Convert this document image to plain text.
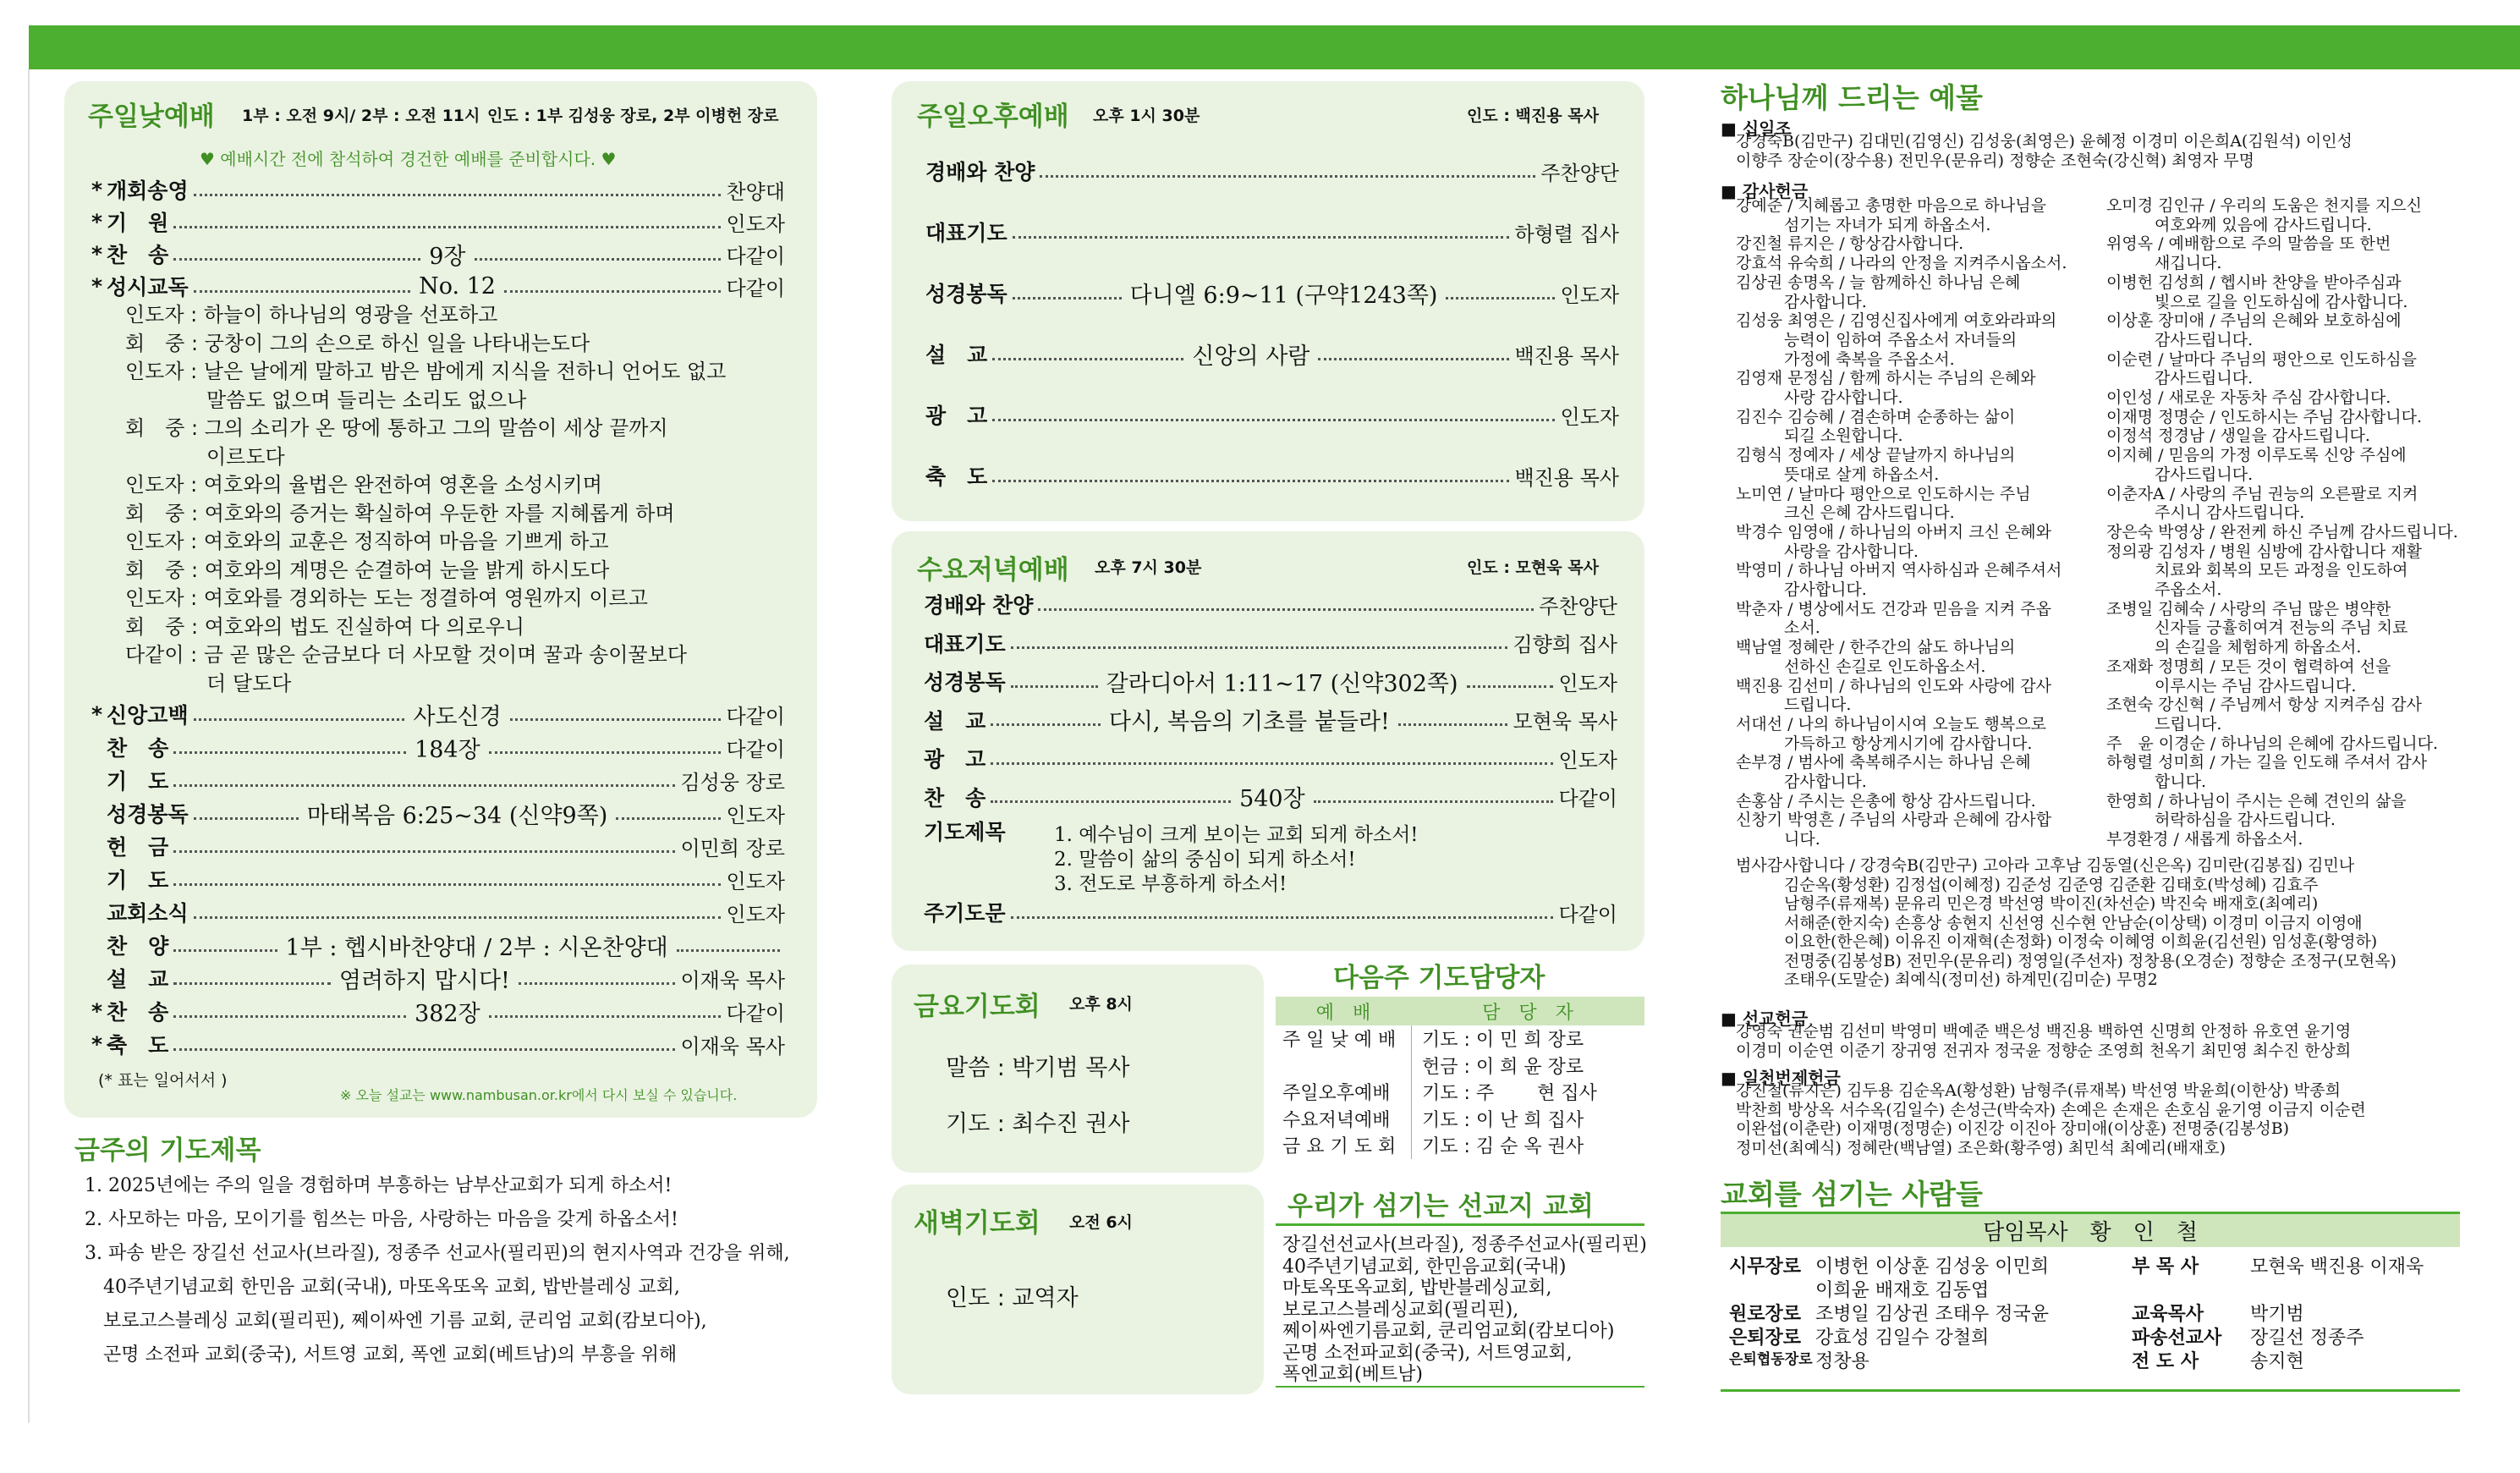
주일낮예배 1부 : 오전 9시/ 2부 : 오전 11시 인도 : 1부 김성웅 장로, 2부 이병헌 장로
♥ 예배시간 전에 참석하여 경건한 예배를 준비합시다. ♥
(* 표는 일어서서 )
※ 오늘 설교는 www.nambusan.or.kr에서 다시 보실 수 있습니다.
* 개회송영	찬양대
* 기　원	인도자
* 찬　송	9장	다같이
* 성시교독	No. 12	다같이
인도자 : 하늘이 하나님의 영광을 선포하고
회　중 : 궁창이 그의 손으로 하신 일을 나타내는도다
인도자 : 날은 날에게 말하고 밤은 밤에게 지식을 전하니 언어도 없고
　　　　말씀도 없으며 들리는 소리도 없으나
회　중 : 그의 소리가 온 땅에 통하고 그의 말씀이 세상 끝까지
　　　　이르도다
인도자 : 여호와의 율법은 완전하여 영혼을 소성시키며
회　중 : 여호와의 증거는 확실하여 우둔한 자를 지혜롭게 하며
인도자 : 여호와의 교훈은 정직하여 마음을 기쁘게 하고
회　중 : 여호와의 계명은 순결하여 눈을 밝게 하시도다
인도자 : 여호와를 경외하는 도는 정결하여 영원까지 이르고
회　중 : 여호와의 법도 진실하여 다 의로우니
다같이 : 금 곧 많은 순금보다 더 사모할 것이며 꿀과 송이꿀보다
　　　　더 달도다
* 신앙고백	사도신경	다같이
찬　송	184장	다같이
기　도	김성웅 장로
성경봉독	마태복음 6:25~34 (신약9쪽)	인도자
헌　금	이민희 장로
기　도	인도자
교회소식	인도자
찬　양	1부 : 헵시바찬양대 / 2부 : 시온찬양대
설　교	염려하지 맙시다!	이재욱 목사
* 찬　송	382장	다같이
* 축　도	이재욱 목사
금주의 기도제목
주일오후예배 오후 1시 30분	인도 : 백진용 목사
경배와 찬양	주찬양단
대표기도	하형렬 집사
성경봉독	다니엘 6:9~11 (구약1243쪽)	인도자
설　교	신앙의 사람	백진용 목사
광　고	인도자
축　도	백진용 목사
수요저녁예배 오후 7시 30분	인도 : 모현욱 목사
기도제목
주기도문	다같이
경배와 찬양	주찬양단
대표기도	김향희 집사
성경봉독	갈라디아서 1:11~17 (신약302쪽)	인도자
설　교	다시, 복음의 기초를 붙들라!	모현욱 목사
광　고	인도자
찬　송	540장	다같이
1. 예수님이 크게 보이는 교회 되게 하소서!
2. 말씀이 삶의 중심이 되게 하소서!
3. 전도로 부흥하게 하소서!
금요기도회 오후 8시
말씀 : 박기범 목사
기도 : 최수진 권사
새벽기도회 오전 6시
인도 : 교역자
다음주 기도담당자
예　배	담　당　자
주 일 낮 예 배	기도 : 이 민 희 장로
헌금 : 이 희 윤 장로
주일오후예배	기도 : 주　　 현 집사
수요저녁예배	기도 : 이 난 희 집사
금 요 기 도 회	기도 : 김 순 옥 권사
우리가 섬기는 선교지 교회
하나님께 드리는 예물
교회를 섬기는 사람들
담임목사　황　인　철
1. 2025년에는 주의 일을 경험하며 부흥하는 남부산교회가 되게 하소서!
2. 사모하는 마음, 모이기를 힘쓰는 마음, 사랑하는 마음을 갖게 하옵소서!
3. 파송 받은 장길선 선교사(브라질), 정종주 선교사(필리핀)의 현지사역과 건강을 위해,
　40주년기념교회 한민음 교회(국내), 마또옥또옥 교회, 밥반블레싱 교회,
　보로고스블레싱 교회(필리핀), 쩨이싸엔 기름 교회, 쿤리엄 교회(캄보디아),
　곤명 소전파 교회(중국), 서트영 교회, 폭엔 교회(베트남)의 부흥을 위해
장길선선교사(브라질), 정종주선교사(필리핀)
40주년기념교회, 한민음교회(국내)
마토옥또옥교회, 밥반블레싱교회,
보로고스블레싱교회(필리핀),
쩨이싸엔기름교회, 쿤리엄교회(캄보디아)
곤명 소전파교회(중국), 서트영교회,
폭엔교회(베트남)
■ 십일조
강경숙B(김만구) 김대민(김영신) 김성웅(최영은) 윤혜정 이경미 이은희A(김원석) 이인성
이향주 장순이(장수용) 전민우(문유리) 정향순 조현숙(강신혁) 최영자 무명
■ 감사헌금
강예준 / 지혜롭고 총명한 마음으로 하나님을
　　　섬기는 자녀가 되게 하옵소서.
강진철 류지은 / 항상감사합니다.
강효석 유숙희 / 나라의 안정을 지켜주시옵소서.
김상권 송명옥 / 늘 함께하신 하나님 은혜
　　　감사합니다.
김성웅 최영은 / 김영신집사에게 여호와라파의
　　　능력이 임하여 주옵소서 자녀들의
　　　가정에 축복을 주옵소서.
김영재 문정심 / 함께 하시는 주님의 은혜와
　　　사랑 감사합니다.
김진수 김승혜 / 겸손하며 순종하는 삶이
　　　되길 소원합니다.
김형식 정예자 / 세상 끝날까지 하나님의
　　　뜻대로 살게 하옵소서.
노미연 / 날마다 평안으로 인도하시는 주님
　　　크신 은혜 감사드립니다.
박경수 임영애 / 하나님의 아버지 크신 은혜와
　　　사랑을 감사합니다.
박영미 / 하나님 아버지 역사하심과 은혜주셔서
　　　감사합니다.
박춘자 / 병상에서도 건강과 믿음을 지켜 주옵
　　　소서.
백남열 정혜란 / 한주간의 삶도 하나님의
　　　선하신 손길로 인도하옵소서.
백진용 김선미 / 하나님의 인도와 사랑에 감사
　　　드립니다.
서대선 / 나의 하나님이시여 오늘도 행복으로
　　　가득하고 항상게시기에 감사합니다.
손부경 / 범사에 축복해주시는 하나님 은혜
　　　감사합니다.
손홍삼 / 주시는 은총에 항상 감사드립니다.
신창기 박영흔 / 주님의 사랑과 은혜에 감사합
　　　니다.
오미경 김인규 / 우리의 도움은 천지를 지으신
　　　여호와께 있음에 감사드립니다.
위영옥 / 예배함으로 주의 말씀을 또 한번
　　　새깁니다.
이병헌 김성희 / 헵시바 찬양을 받아주심과
　　　빛으로 길을 인도하심에 감사합니다.
이상훈 장미애 / 주님의 은혜와 보호하심에
　　　감사드립니다.
이순련 / 날마다 주님의 평안으로 인도하심을
　　　감사드립니다.
이인성 / 새로운 자동차 주심 감사합니다.
이재명 정명순 / 인도하시는 주님 감사합니다.
이정석 정경남 / 생일을 감사드립니다.
이지혜 / 믿음의 가정 이루도록 신앙 주심에
　　　감사드립니다.
이춘자A / 사랑의 주님 권능의 오른팔로 지켜
　　　주시니 감사드립니다.
장은숙 박영상 / 완전케 하신 주님께 감사드립니다.
정의광 김성자 / 병원 심방에 감사합니다 재활
　　　치료와 회복의 모든 과정을 인도하여
　　　주옵소서.
조병일 김혜숙 / 사랑의 주님 많은 병약한
　　　신자들 긍휼히여겨 전능의 주님 치료
　　　의 손길을 체험하게 하옵소서.
조재화 정명희 / 모든 것이 협력하여 선을
　　　이루시는 주님 감사드립니다.
조현숙 강신혁 / 주님께서 항상 지켜주심 감사
　　　드립니다.
주　윤 이경순 / 하나님의 은혜에 감사드립니다.
하형렬 성미희 / 가는 길을 인도해 주셔서 감사
　　　합니다.
한영희 / 하나님이 주시는 은혜 견인의 삶을
　　　허락하심을 감사드립니다.
부경환경 / 새롭게 하옵소서.
범사감사합니다 / 강경숙B(김만구) 고아라 고후남 김동열(신은옥) 김미란(김봉집) 김민나
　　　김순옥(황성환) 김정섭(이혜정) 김준성 김준영 김준환 김태호(박성혜) 김효주
　　　남형주(류재복) 문유리 민은경 박선영 박이진(차선순) 박진숙 배재호(최예리)
　　　서해준(한지숙) 손흥상 송현지 신선영 신수현 안남순(이상택) 이경미 이금지 이영애
　　　이요한(한은혜) 이유진 이재혁(손정화) 이정숙 이혜영 이희윤(김선원) 임성훈(황영하)
　　　전명중(김봉성B) 전민우(문유리) 정영일(주선자) 정창용(오경순) 정향순 조정구(모현옥)
　　　조태우(도말순) 최예식(정미선) 하계민(김미순) 무명2
■ 선교헌금
강영숙 권순범 김선미 박영미 백예준 백은성 백진용 백하연 신명희 안정하 유호연 윤기영
이경미 이순연 이준기 장귀영 전귀자 정국윤 정향순 조영희 천옥기 최민영 최수진 한상희
■ 일천번제헌금
강진철(류지은) 김두용 김순옥A(황성환) 남형주(류재복) 박선영 박윤희(이한상) 박종희
박찬희 방상옥 서수옥(김일수) 손성근(박숙자) 손예은 손재은 손호심 윤기영 이금지 이순련
이완섭(이춘란) 이재명(정명순) 이진강 이진아 장미애(이상훈) 전명중(김봉성B)
정미선(최예식) 정혜란(백남열) 조은화(황주영) 최민석 최예리(배재호)
시무장로 이병헌 이상훈 김성웅 이민희
이희윤 배재호 김동엽
원로장로 조병일 김상권 조태우 정국윤
은퇴장로 강효성 김일수 강철희
은퇴협동장로 정창용
부 목 사	모현욱 백진용 이재욱
교육목사 박기범
파송선교사 장길선 정종주
전 도 사	송지현
